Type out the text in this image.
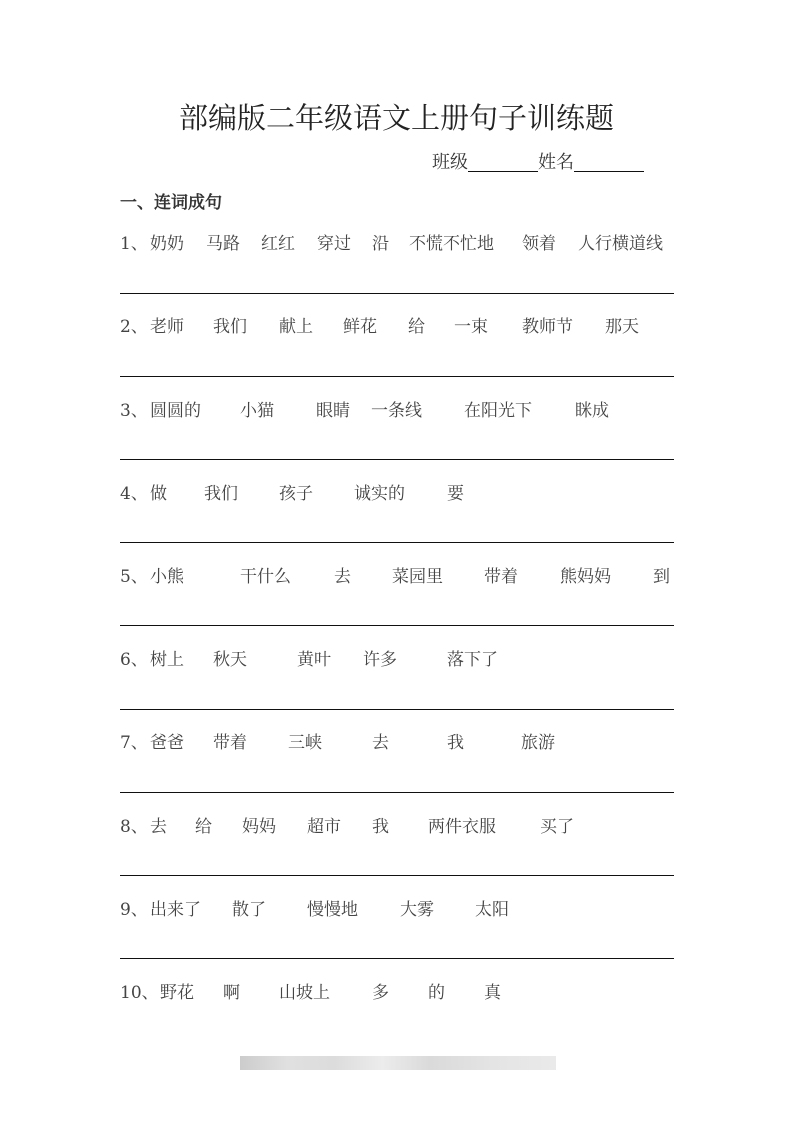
部编版二年级语文上册句子训练题
班级	姓名
一、连词成句
1、 奶奶 马路 红红 穿过 沿 不慌不忙地 领着 人行横道线
2、 老师 我们 献上 鲜花 给 一束 教师节 那天
3、 圆圆的 小猫 眼睛 一条线 在阳光下	眯成
4、 做 我们 孩子 诚实的 要
5、 小熊	干什么	去 菜园里 带着 熊妈妈 到
6、 树上 秋天	黄叶 许多	落下了
7、 爸爸 带着 三峡	去	我	旅游
8、 去 给 妈妈 超市 我 两件衣服	买了
9、 出来了 散了 慢慢地 大雾 太阳
10、 野花 啊 山坡上 多 的 真
